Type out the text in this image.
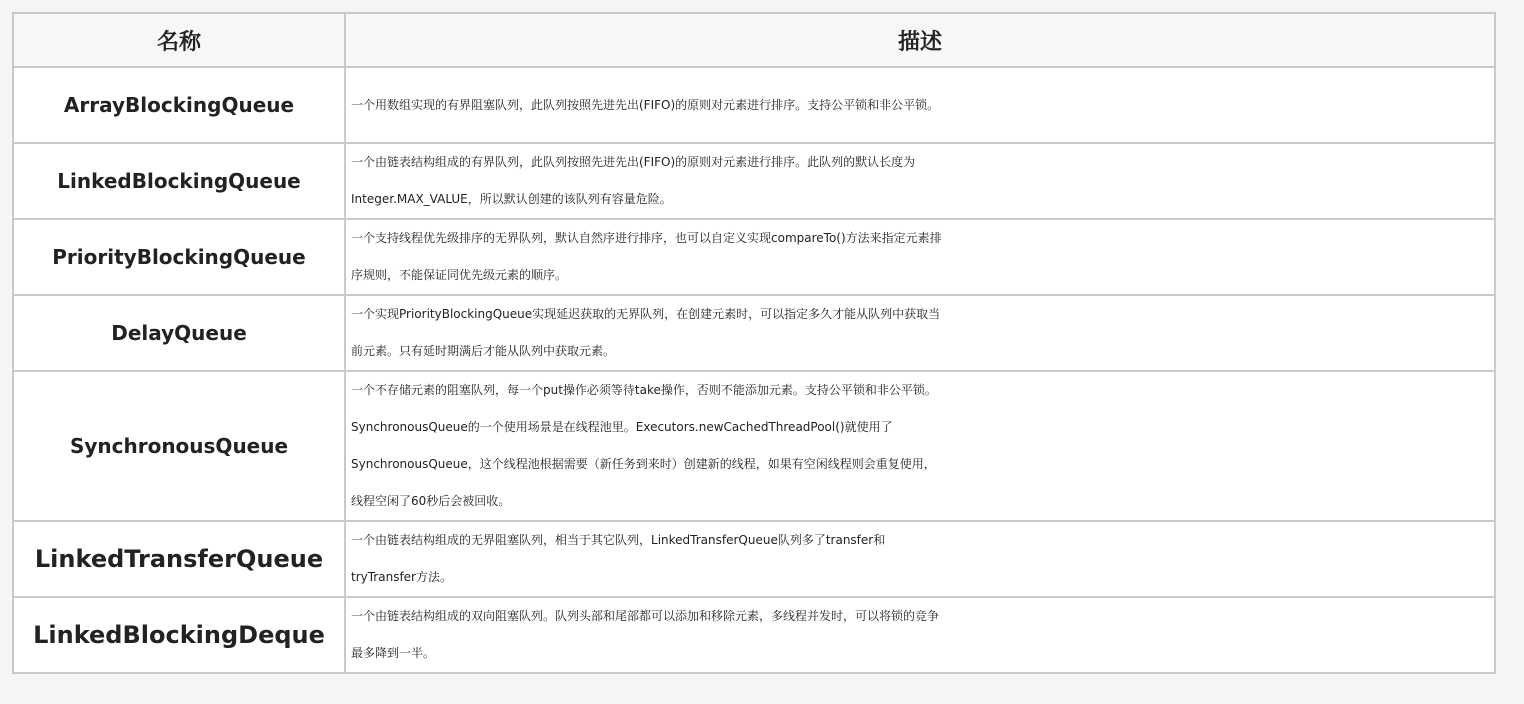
名称	描述
ArrayBlockingQueue	一个用数组实现的有界阻塞队列，此队列按照先进先出(FIFO)的原则对元素进行排序。支持公平锁和非公平锁。

LinkedBlockingQueue	一个由链表结构组成的有界队列，此队列按照先进先出(FIFO)的原则对元素进行排序。此队列的默认长度为
Integer.MAX_VALUE，所以默认创建的该队列有容量危险。

PriorityBlockingQueue	一个支持线程优先级排序的无界队列，默认自然序进行排序，也可以自定义实现compareTo()方法来指定元素排
序规则，不能保证同优先级元素的顺序。

DelayQueue	一个实现PriorityBlockingQueue实现延迟获取的无界队列，在创建元素时，可以指定多久才能从队列中获取当
前元素。只有延时期满后才能从队列中获取元素。

SynchronousQueue	一个不存储元素的阻塞队列，每一个put操作必须等待take操作，否则不能添加元素。支持公平锁和非公平锁。
SynchronousQueue的一个使用场景是在线程池里。Executors.newCachedThreadPool()就使用了
SynchronousQueue，这个线程池根据需要（新任务到来时）创建新的线程，如果有空闲线程则会重复使用，
线程空闲了60秒后会被回收。

LinkedTransferQueue	一个由链表结构组成的无界阻塞队列，相当于其它队列，LinkedTransferQueue队列多了transfer和
tryTransfer方法。

LinkedBlockingDeque	一个由链表结构组成的双向阻塞队列。队列头部和尾部都可以添加和移除元素，多线程并发时，可以将锁的竞争
最多降到一半。
